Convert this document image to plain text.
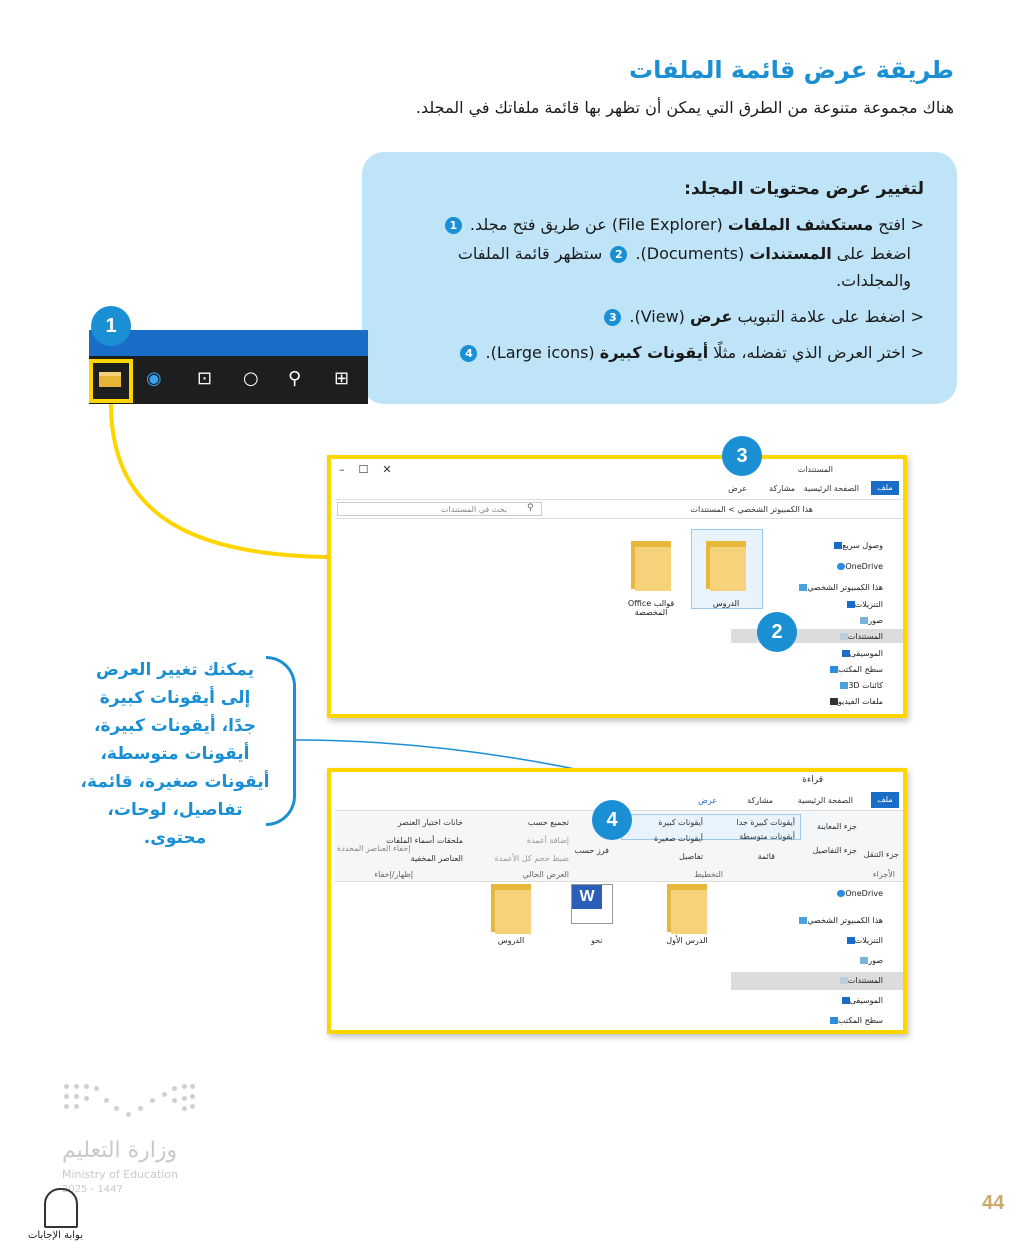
طريقة عرض قائمة الملفات
هناك مجموعة متنوعة من الطرق التي يمكن أن تظهر بها قائمة ملفاتك في المجلد.
لتغيير عرض محتويات المجلد:
< افتح مستكشف الملفات (File Explorer) عن طريق فتح مجلد. 1
اضغط على المستندات (Documents). 2 ستظهر قائمة الملفات
والمجلدات.
< اضغط على علامة التبويب عرض (View). 3
< اختر العرض الذي تفضله، مثلًا أيقونات كبيرة (Large icons). 4
◉ ⊡ ○ ⚲ ⊞
1
✕    ☐    –	المستندات
ملف
الصفحة الرئيسية
مشاركة
عرض
هذا الكمبيوتر الشخصي > المستندات
بحث في المستندات ⚲
وصول سريع
OneDrive
هذا الكمبيوتر الشخصي
التنزيلات
صور
المستندات
الموسيقى
سطح المكتب
كائنات 3D
ملفات الفيديو
الدروس
قوالب Office المخصصة
3
2
قراءة
ملف
الصفحة الرئيسية
مشاركة
عرض
جزء التنقل
جزء المعاينة
جزء التفاصيل
أيقونات كبيرة جدا
أيقونات كبيرة
أيقونات متوسطة
أيقونات صغيرة
قائمة
تفاصيل
تجميع حسب
إضافة أعمدة
ضبط حجم كل الأعمدة
فرز حسب
خانات اختيار العنصر
ملحقات أسماء الملفات
العناصر المخفية
إخفاء العناصر المحددة
الأجزاء
التخطيط
العرض الحالي
إظهار/إخفاء
OneDrive
هذا الكمبيوتر الشخصي
التنزيلات
صور
المستندات
الموسيقى
سطح المكتب
الدرس الأول
W
نحو
الدروس
4
يمكنك تغيير العرض إلى أيقونات كبيرة جدًا، أيقونات كبيرة، أيقونات متوسطة، أيقونات صغيرة، قائمة، تفاصيل، لوحات، محتوى.
وزارة التعليم
Ministry of Education
2025 - 1447
بوابة الإجابات
44
